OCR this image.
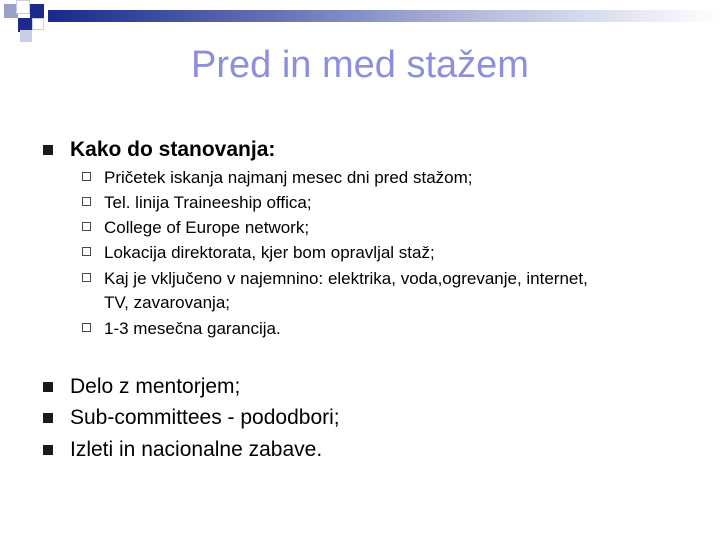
Pred in med stažem
Kako do stanovanja:
Pričetek iskanja najmanj mesec dni pred stažom;
Tel. linija Traineeship offica;
College of Europe network;
Lokacija direktorata, kjer bom opravljal staž;
Kaj je vključeno v najemnino: elektrika, voda,ogrevanje, internet,
TV, zavarovanja;
1-3 mesečna garancija.
Delo z mentorjem;
Sub-committees - pododbori;
Izleti in nacionalne zabave.
